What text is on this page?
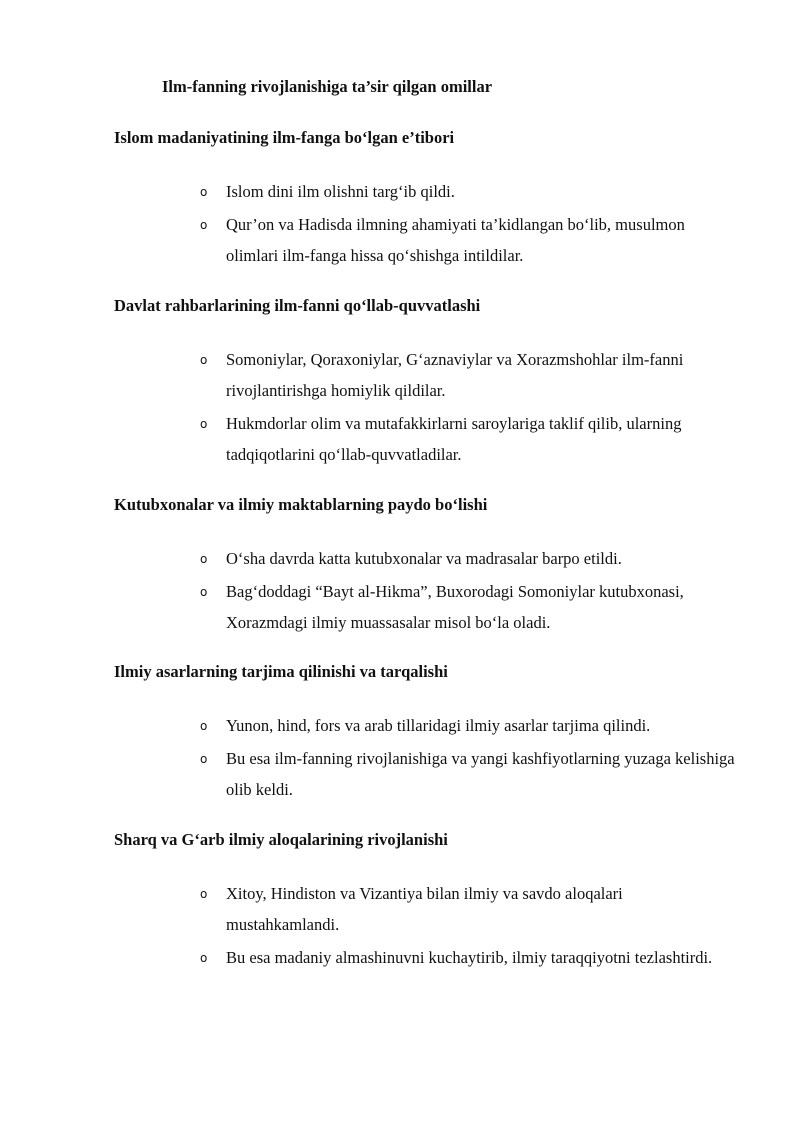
Ilm-fanning rivojlanishiga ta’sir qilgan omillar
Islom madaniyatining ilm-fanga bo‘lgan e’tibori
o Islom dini ilm olishni targ‘ib qildi.
o Qur’on va Hadisda ilmning ahamiyati ta’kidlangan bo‘lib, musulmon olimlari ilm-fanga hissa qo‘shishga intildilar.
Davlat rahbarlarining ilm-fanni qo‘llab-quvvatlashi
o Somoniylar, Qoraxoniylar, G‘aznaviylar va Xorazmshohlar ilm-fanni rivojlantirishga homiylik qildilar.
o Hukmdorlar olim va mutafakkirlarni saroylariga taklif qilib, ularning tadqiqotlarini qo‘llab-quvvatladilar.
Kutubxonalar va ilmiy maktablarning paydo bo‘lishi
o O‘sha davrda katta kutubxonalar va madrasalar barpo etildi.
o Bag‘doddagi “Bayt al-Hikma”, Buxorodagi Somoniylar kutubxonasi, Xorazmdagi ilmiy muassasalar misol bo‘la oladi.
Ilmiy asarlarning tarjima qilinishi va tarqalishi
o Yunon, hind, fors va arab tillaridagi ilmiy asarlar tarjima qilindi.
o Bu esa ilm-fanning rivojlanishiga va yangi kashfiyotlarning yuzaga kelishiga olib keldi.
Sharq va G‘arb ilmiy aloqalarining rivojlanishi
o Xitoy, Hindiston va Vizantiya bilan ilmiy va savdo aloqalari mustahkamlandi.
o Bu esa madaniy almashinuvni kuchaytirib, ilmiy taraqqiyotni tezlashtirdi.
